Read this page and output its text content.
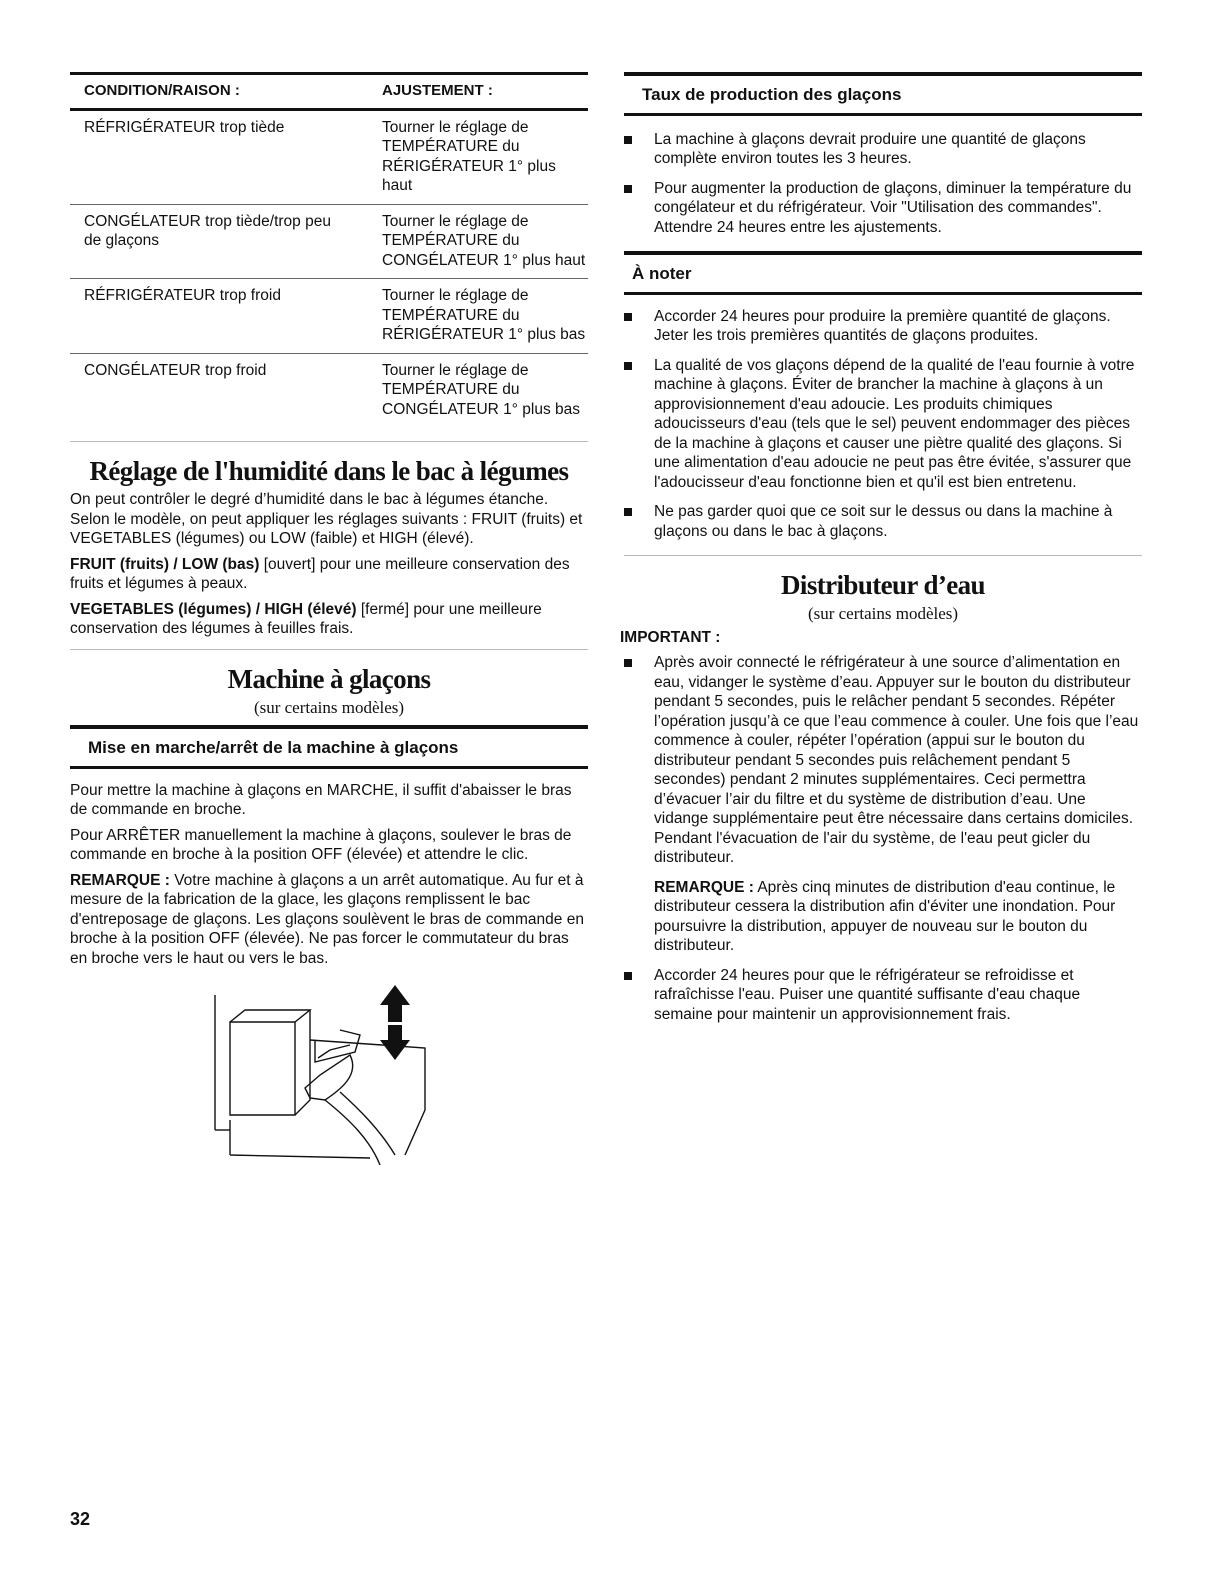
CONDITION/RAISON :	AJUSTEMENT :
RÉFRIGÉRATEUR trop tiède	Tourner le réglage de TEMPÉRATURE du RÉRIGÉRATEUR 1° plus haut
CONGÉLATEUR trop tiède/trop peu de glaçons	Tourner le réglage de TEMPÉRATURE du CONGÉLATEUR 1° plus haut
RÉFRIGÉRATEUR trop froid	Tourner le réglage de TEMPÉRATURE du RÉRIGÉRATEUR 1° plus bas
CONGÉLATEUR trop froid	Tourner le réglage de TEMPÉRATURE du CONGÉLATEUR 1° plus bas
Réglage de l'humidité dans le bac à légumes

On peut contrôler le degré d’humidité dans le bac à légumes étanche. Selon le modèle, on peut appliquer les réglages suivants : FRUIT (fruits) et VEGETABLES (légumes) ou LOW (faible) et HIGH (élevé).

FRUIT (fruits) / LOW (bas) [ouvert] pour une meilleure conservation des fruits et légumes à peaux.

VEGETABLES (légumes) / HIGH (élevé) [fermé] pour une meilleure conservation des légumes à feuilles frais.

Machine à glaçons
(sur certains modèles)
Mise en marche/arrêt de la machine à glaçons

Pour mettre la machine à glaçons en MARCHE, il suffit d'abaisser le bras de commande en broche.

Pour ARRÊTER manuellement la machine à glaçons, soulever le bras de commande en broche à la position OFF (élevée) et attendre le clic.

REMARQUE : Votre machine à glaçons a un arrêt automatique. Au fur et à mesure de la fabrication de la glace, les glaçons remplissent le bac d'entreposage de glaçons. Les glaçons soulèvent le bras de commande en broche à la position OFF (élevée). Ne pas forcer le commutateur du bras en broche vers le haut ou vers le bas.

Taux de production des glaçons
La machine à glaçons devrait produire une quantité de glaçons complète environ toutes les 3 heures.
Pour augmenter la production de glaçons, diminuer la température du congélateur et du réfrigérateur. Voir "Utilisation des commandes". Attendre 24 heures entre les ajustements.
À noter
Accorder 24 heures pour produire la première quantité de glaçons. Jeter les trois premières quantités de glaçons produites.
La qualité de vos glaçons dépend de la qualité de l'eau fournie à votre machine à glaçons. Éviter de brancher la machine à glaçons à un approvisionnement d'eau adoucie. Les produits chimiques adoucisseurs d'eau (tels que le sel) peuvent endommager des pièces de la machine à glaçons et causer une piètre qualité des glaçons. Si une alimentation d'eau adoucie ne peut pas être évitée, s'assurer que l'adoucisseur d'eau fonctionne bien et qu'il est bien entretenu.
Ne pas garder quoi que ce soit sur le dessus ou dans la machine à glaçons ou dans le bac à glaçons.
Distributeur d’eau
(sur certains modèles)

IMPORTANT :

Après avoir connecté le réfrigérateur à une source d’alimentation en eau, vidanger le système d’eau. Appuyer sur le bouton du distributeur pendant 5 secondes, puis le relâcher pendant 5 secondes. Répéter l’opération jusqu’à ce que l’eau commence à couler. Une fois que l’eau commence à couler, répéter l’opération (appui sur le bouton du distributeur pendant 5 secondes puis relâchement pendant 5 secondes) pendant 2 minutes supplémentaires. Ceci permettra d’évacuer l’air du filtre et du système de distribution d’eau. Une vidange supplémentaire peut être nécessaire dans certains domiciles. Pendant l'évacuation de l'air du système, de l'eau peut gicler du distributeur.

REMARQUE : Après cinq minutes de distribution d'eau continue, le distributeur cessera la distribution afin d'éviter une inondation. Pour poursuivre la distribution, appuyer de nouveau sur le bouton du distributeur.

Accorder 24 heures pour que le réfrigérateur se refroidisse et rafraîchisse l'eau. Puiser une quantité suffisante d'eau chaque semaine pour maintenir un approvisionnement frais.
32
